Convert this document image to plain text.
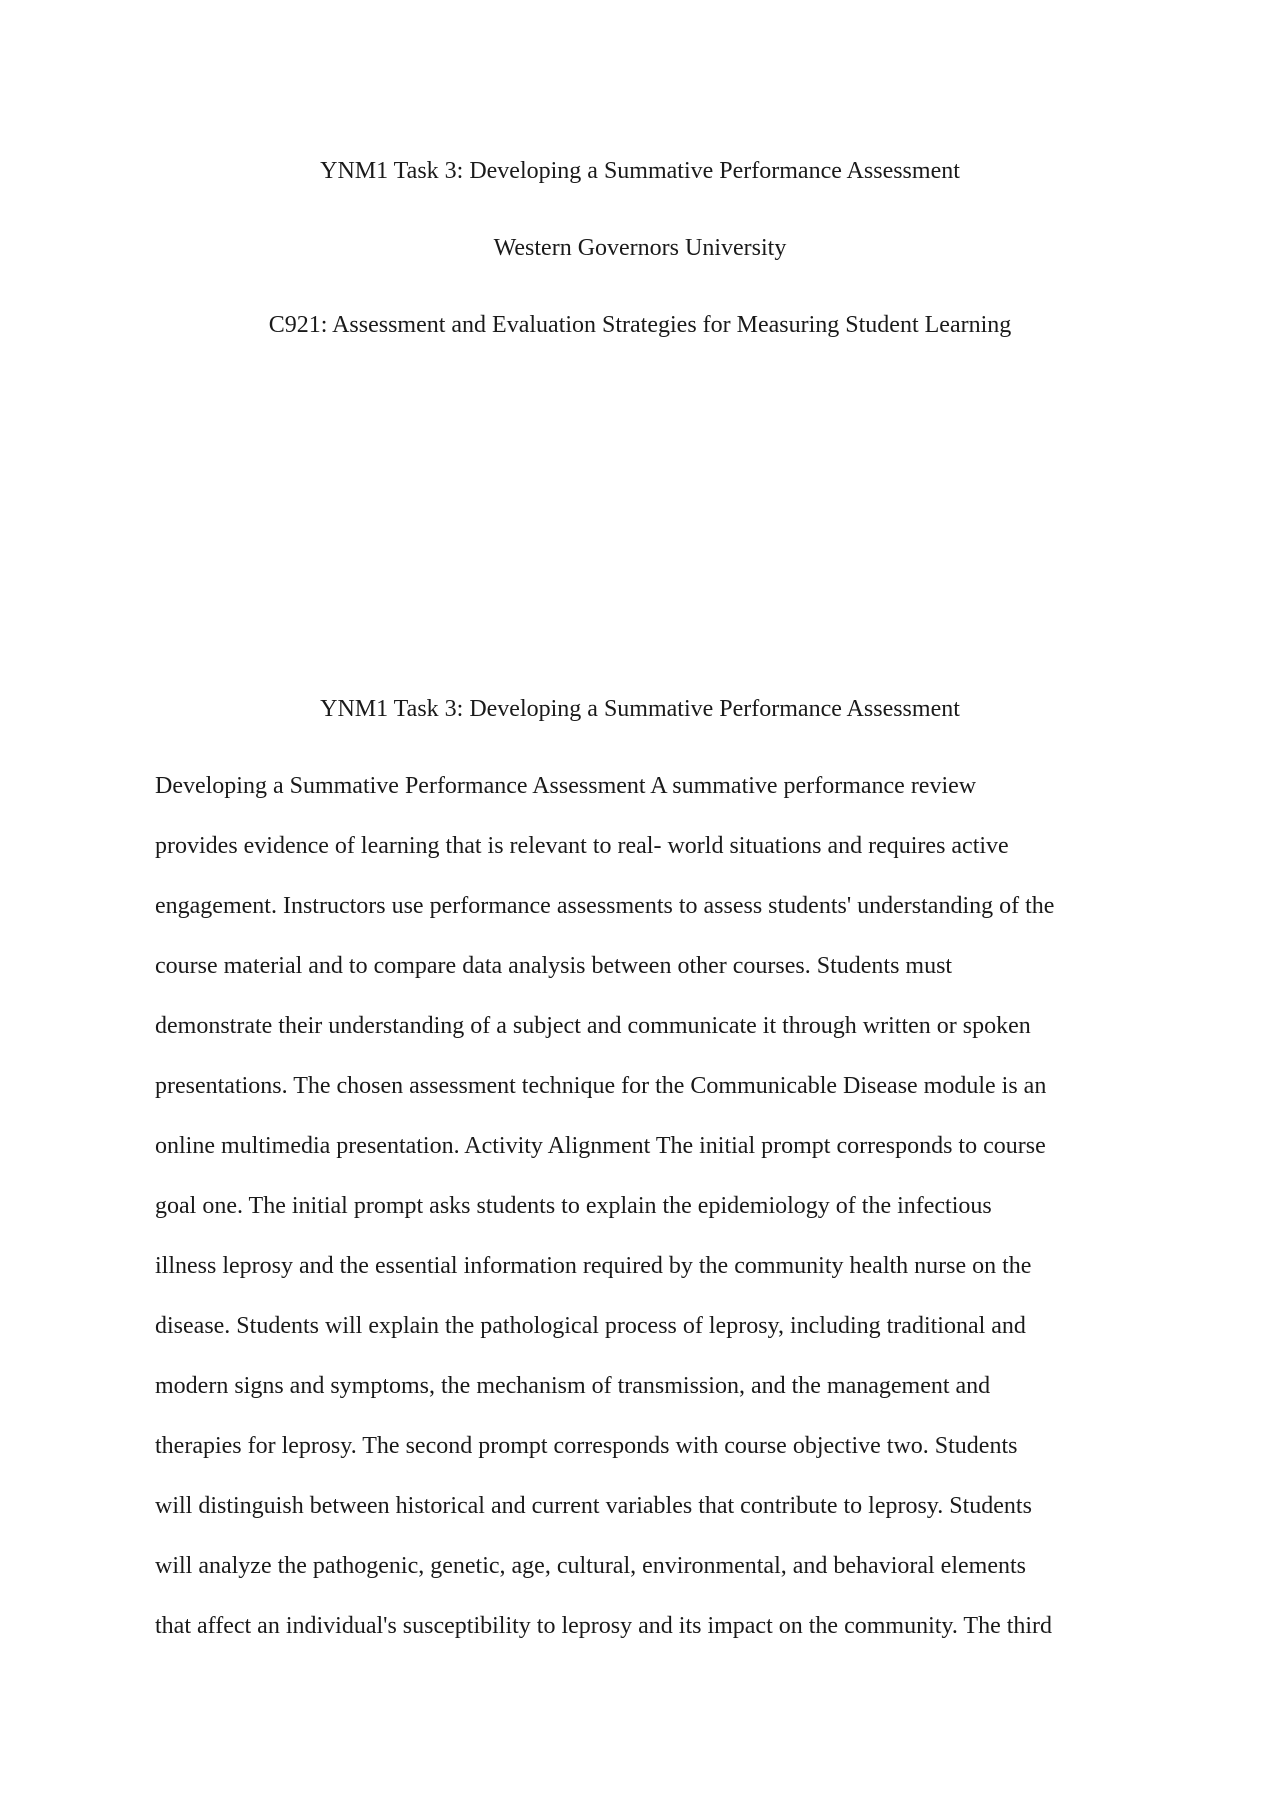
YNM1 Task 3: Developing a Summative Performance Assessment
Western Governors University
C921: Assessment and Evaluation Strategies for Measuring Student Learning
YNM1 Task 3: Developing a Summative Performance Assessment
Developing a Summative Performance Assessment A summative performance review
provides evidence of learning that is relevant to real- world situations and requires active
engagement. Instructors use performance assessments to assess students' understanding of the
course material and to compare data analysis between other courses. Students must
demonstrate their understanding of a subject and communicate it through written or spoken
presentations. The chosen assessment technique for the Communicable Disease module is an
online multimedia presentation. Activity Alignment The initial prompt corresponds to course
goal one. The initial prompt asks students to explain the epidemiology of the infectious
illness leprosy and the essential information required by the community health nurse on the
disease. Students will explain the pathological process of leprosy, including traditional and
modern signs and symptoms, the mechanism of transmission, and the management and
therapies for leprosy. The second prompt corresponds with course objective two. Students
will distinguish between historical and current variables that contribute to leprosy. Students
will analyze the pathogenic, genetic, age, cultural, environmental, and behavioral elements
that affect an individual's susceptibility to leprosy and its impact on the community. The third
